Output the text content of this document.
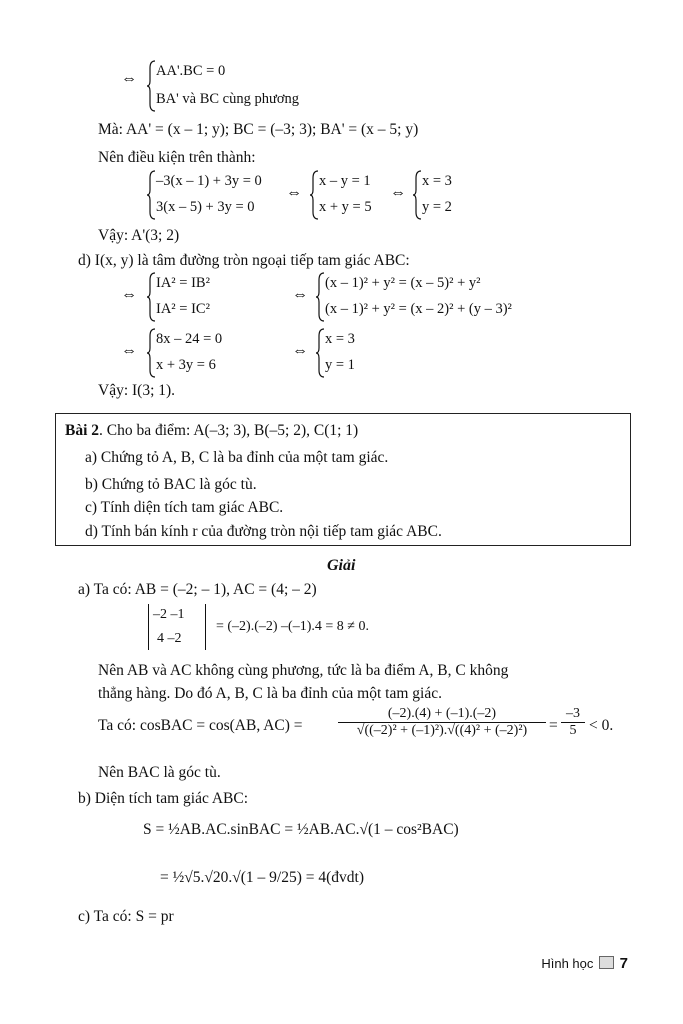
⇔ AA'.BC = 0
BA' và BC cùng phương
Mà: AA' = (x – 1; y); BC = (–3; 3); BA' = (x – 5; y)
Nên điều kiện trên thành:
–3(x – 1) + 3y = 0
3(x – 5) + 3y = 0
⇔
x – y = 1
x + y = 5
⇔
x = 3
y = 2
Vậy: A'(3; 2)
d) I(x, y) là tâm đường tròn ngoại tiếp tam giác ABC:
⇔
IA² = IB²
IA² = IC²
⇔
(x – 1)² + y² = (x – 5)² + y²
(x – 1)² + y² = (x – 2)² + (y – 3)²
⇔
8x – 24 = 0
x + 3y = 6
⇔
x = 3
y = 1
Vậy: I(3; 1).
Bài 2. Cho ba điểm: A(–3; 3), B(–5; 2), C(1; 1)
a) Chứng tỏ A, B, C là ba đỉnh của một tam giác.
b) Chứng tỏ BAC là góc tù.
c) Tính diện tích tam giác ABC.
d) Tính bán kính r của đường tròn nội tiếp tam giác ABC.
Giải
a) Ta có: AB = (–2; – 1), AC = (4; – 2)
–2 –1
4 –2
= (–2).(–2) –(–1).4 = 8 ≠ 0.
Nên AB và AC không cùng phương, tức là ba điểm A, B, C không
thẳng hàng. Do đó A, B, C là ba đỉnh của một tam giác.
Ta có: cosBAC = cos(AB, AC) =	$\frac{(-2).(4) + (-1).(-2)}{\text{√((–2)² + (–1)²).√((4)² + (–2)²)}} = \frac{-3}{5} < 0$.
Nên BAC là góc tù.
b) Diện tích tam giác ABC:
S = ½AB.AC.sinBAC = ½AB.AC.√(1 – cos²BAC)
= ½√5.√20.√(1 – 9/25) = 4(đvdt)
c) Ta có: S = pr
Hình học 7
